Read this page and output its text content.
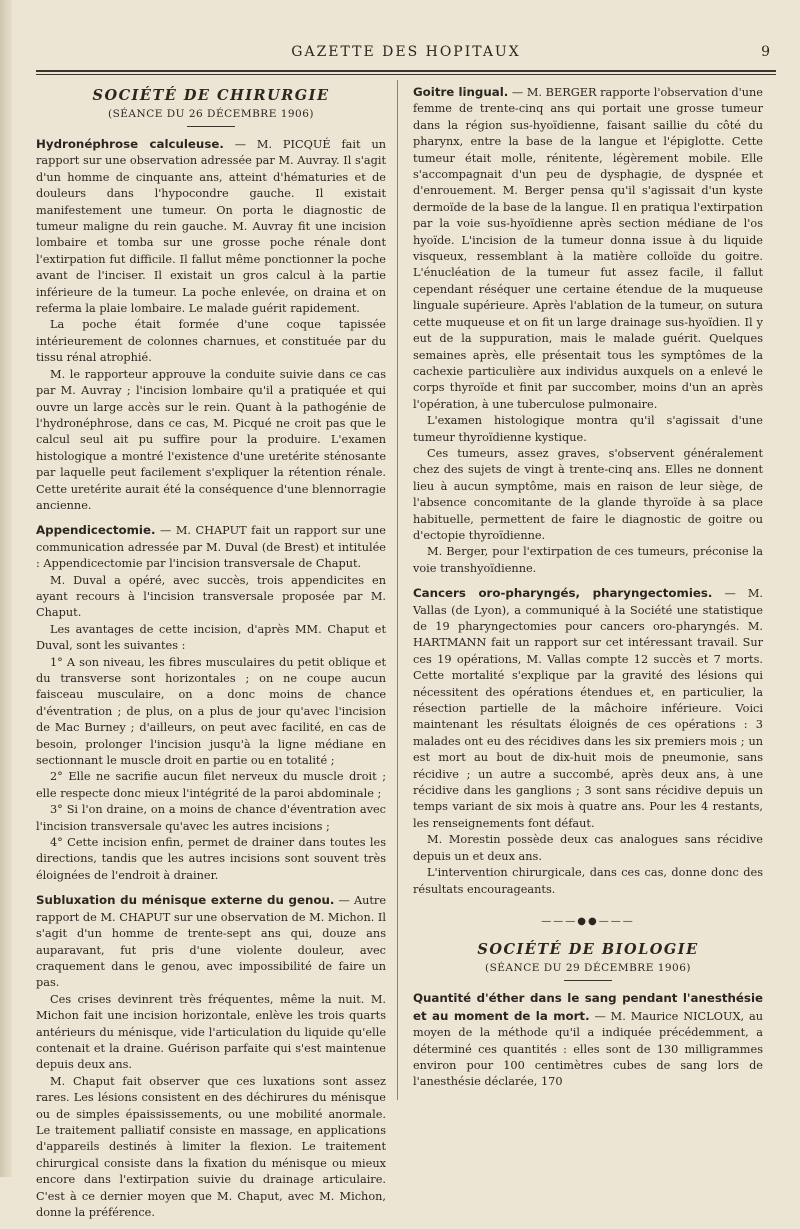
GAZETTE DES HOPITAUX	9
SOCIÉTÉ DE CHIRURGIE
(SÉANCE DU 26 DÉCEMBRE 1906)

Hydronéphrose calculeuse. — M. PICQUÉ fait un rapport sur une observation adressée par M. Auvray. Il s'agit d'un homme de cinquante ans, atteint d'hématuries et de douleurs dans l'hypocondre gauche. Il existait manifestement une tumeur. On porta le diagnostic de tumeur maligne du rein gauche. M. Auvray fit une incision lombaire et tomba sur une grosse poche rénale dont l'extirpation fut difficile. Il fallut même ponctionner la poche avant de l'inciser. Il existait un gros calcul à la partie inférieure de la tumeur. La poche enlevée, on draina et on referma la plaie lombaire. Le malade guérit rapidement.

La poche était formée d'une coque tapissée intérieurement de colonnes charnues, et constituée par du tissu rénal atrophié.

M. le rapporteur approuve la conduite suivie dans ce cas par M. Auvray ; l'incision lombaire qu'il a pratiquée et qui ouvre un large accès sur le rein. Quant à la pathogénie de l'hydronéphrose, dans ce cas, M. Picqué ne croit pas que le calcul seul ait pu suffire pour la produire. L'examen histologique a montré l'existence d'une uretérite sténosante par laquelle peut facilement s'expliquer la rétention rénale. Cette uretérite aurait été la conséquence d'une blennorragie ancienne.

Appendicectomie. — M. CHAPUT fait un rapport sur une communication adressée par M. Duval (de Brest) et intitulée : Appendicectomie par l'incision transversale de Chaput.

M. Duval a opéré, avec succès, trois appendicites en ayant recours à l'incision transversale proposée par M. Chaput.

Les avantages de cette incision, d'après MM. Chaput et Duval, sont les suivantes :

1° A son niveau, les fibres musculaires du petit oblique et du transverse sont horizontales ; on ne coupe aucun faisceau musculaire, on a donc moins de chance d'éventration ; de plus, on a plus de jour qu'avec l'incision de Mac Burney ; d'ailleurs, on peut avec facilité, en cas de besoin, prolonger l'incision jusqu'à la ligne médiane en sectionnant le muscle droit en partie ou en totalité ;

2° Elle ne sacrifie aucun filet nerveux du muscle droit ; elle respecte donc mieux l'intégrité de la paroi abdominale ;

3° Si l'on draine, on a moins de chance d'éventration avec l'incision transversale qu'avec les autres incisions ;

4° Cette incision enfin, permet de drainer dans toutes les directions, tandis que les autres incisions sont souvent très éloignées de l'endroit à drainer.

Subluxation du ménisque externe du genou. — Autre rapport de M. CHAPUT sur une observation de M. Michon. Il s'agit d'un homme de trente-sept ans qui, douze ans auparavant, fut pris d'une violente douleur, avec craquement dans le genou, avec impossibilité de faire un pas.

Ces crises devinrent très fréquentes, même la nuit. M. Michon fait une incision horizontale, enlève les trois quarts antérieurs du ménisque, vide l'articulation du liquide qu'elle contenait et la draine. Guérison parfaite qui s'est maintenue depuis deux ans.

M. Chaput fait observer que ces luxations sont assez rares. Les lésions consistent en des déchirures du ménisque ou de simples épaississements, ou une mobilité anormale. Le traitement palliatif consiste en massage, en applications d'appareils destinés à limiter la flexion. Le traitement chirurgical consiste dans la fixation du ménisque ou mieux encore dans l'extirpation suivie du drainage articulaire. C'est à ce dernier moyen que M. Chaput, avec M. Michon, donne la préférence.

Goitre lingual. — M. BERGER rapporte l'observation d'une femme de trente-cinq ans qui portait une grosse tumeur dans la région sus-hyoïdienne, faisant saillie du côté du pharynx, entre la base de la langue et l'épiglotte. Cette tumeur était molle, rénitente, légèrement mobile. Elle s'accompagnait d'un peu de dysphagie, de dyspnée et d'enrouement. M. Berger pensa qu'il s'agissait d'un kyste dermoïde de la base de la langue. Il en pratiqua l'extirpation par la voie sus-hyoïdienne après section médiane de l'os hyoïde. L'incision de la tumeur donna issue à du liquide visqueux, ressemblant à la matière colloïde du goitre. L'énucléation de la tumeur fut assez facile, il fallut cependant réséquer une certaine étendue de la muqueuse linguale supérieure. Après l'ablation de la tumeur, on sutura cette muqueuse et on fit un large drainage sus-hyoïdien. Il y eut de la suppuration, mais le malade guérit. Quelques semaines après, elle présentait tous les symptômes de la cachexie particulière aux individus auxquels on a enlevé le corps thyroïde et finit par succomber, moins d'un an après l'opération, à une tuberculose pulmonaire.

L'examen histologique montra qu'il s'agissait d'une tumeur thyroïdienne kystique.

Ces tumeurs, assez graves, s'observent généralement chez des sujets de vingt à trente-cinq ans. Elles ne donnent lieu à aucun symptôme, mais en raison de leur siège, de l'absence concomitante de la glande thyroïde à sa place habituelle, permettent de faire le diagnostic de goitre ou d'ectopie thyroïdienne.

M. Berger, pour l'extirpation de ces tumeurs, préconise la voie transhyoïdienne.

Cancers oro-pharyngés, pharyngectomies. — M. Vallas (de Lyon), a communiqué à la Société une statistique de 19 pharyngectomies pour cancers oro-pharyngés. M. HARTMANN fait un rapport sur cet intéressant travail. Sur ces 19 opérations, M. Vallas compte 12 succès et 7 morts. Cette mortalité s'explique par la gravité des lésions qui nécessitent des opérations étendues et, en particulier, la résection partielle de la mâchoire inférieure. Voici maintenant les résultats éloignés de ces opérations : 3 malades ont eu des récidives dans les six premiers mois ; un est mort au bout de dix-huit mois de pneumonie, sans récidive ; un autre a succombé, après deux ans, à une récidive dans les ganglions ; 3 sont sans récidive depuis un temps variant de six mois à quatre ans. Pour les 4 restants, les renseignements font défaut.

M. Morestin possède deux cas analogues sans récidive depuis un et deux ans.

L'intervention chirurgicale, dans ces cas, donne donc des résultats encourageants.

———●●———
SOCIÉTÉ DE BIOLOGIE
(SÉANCE DU 29 DÉCEMBRE 1906)

Quantité d'éther dans le sang pendant l'anesthésie et au moment de la mort. — M. Maurice NICLOUX, au moyen de la méthode qu'il a indiquée précédemment, a déterminé ces quantités : elles sont de 130 milligrammes environ pour 100 centimètres cubes de sang lors de l'anesthésie déclarée, 170
